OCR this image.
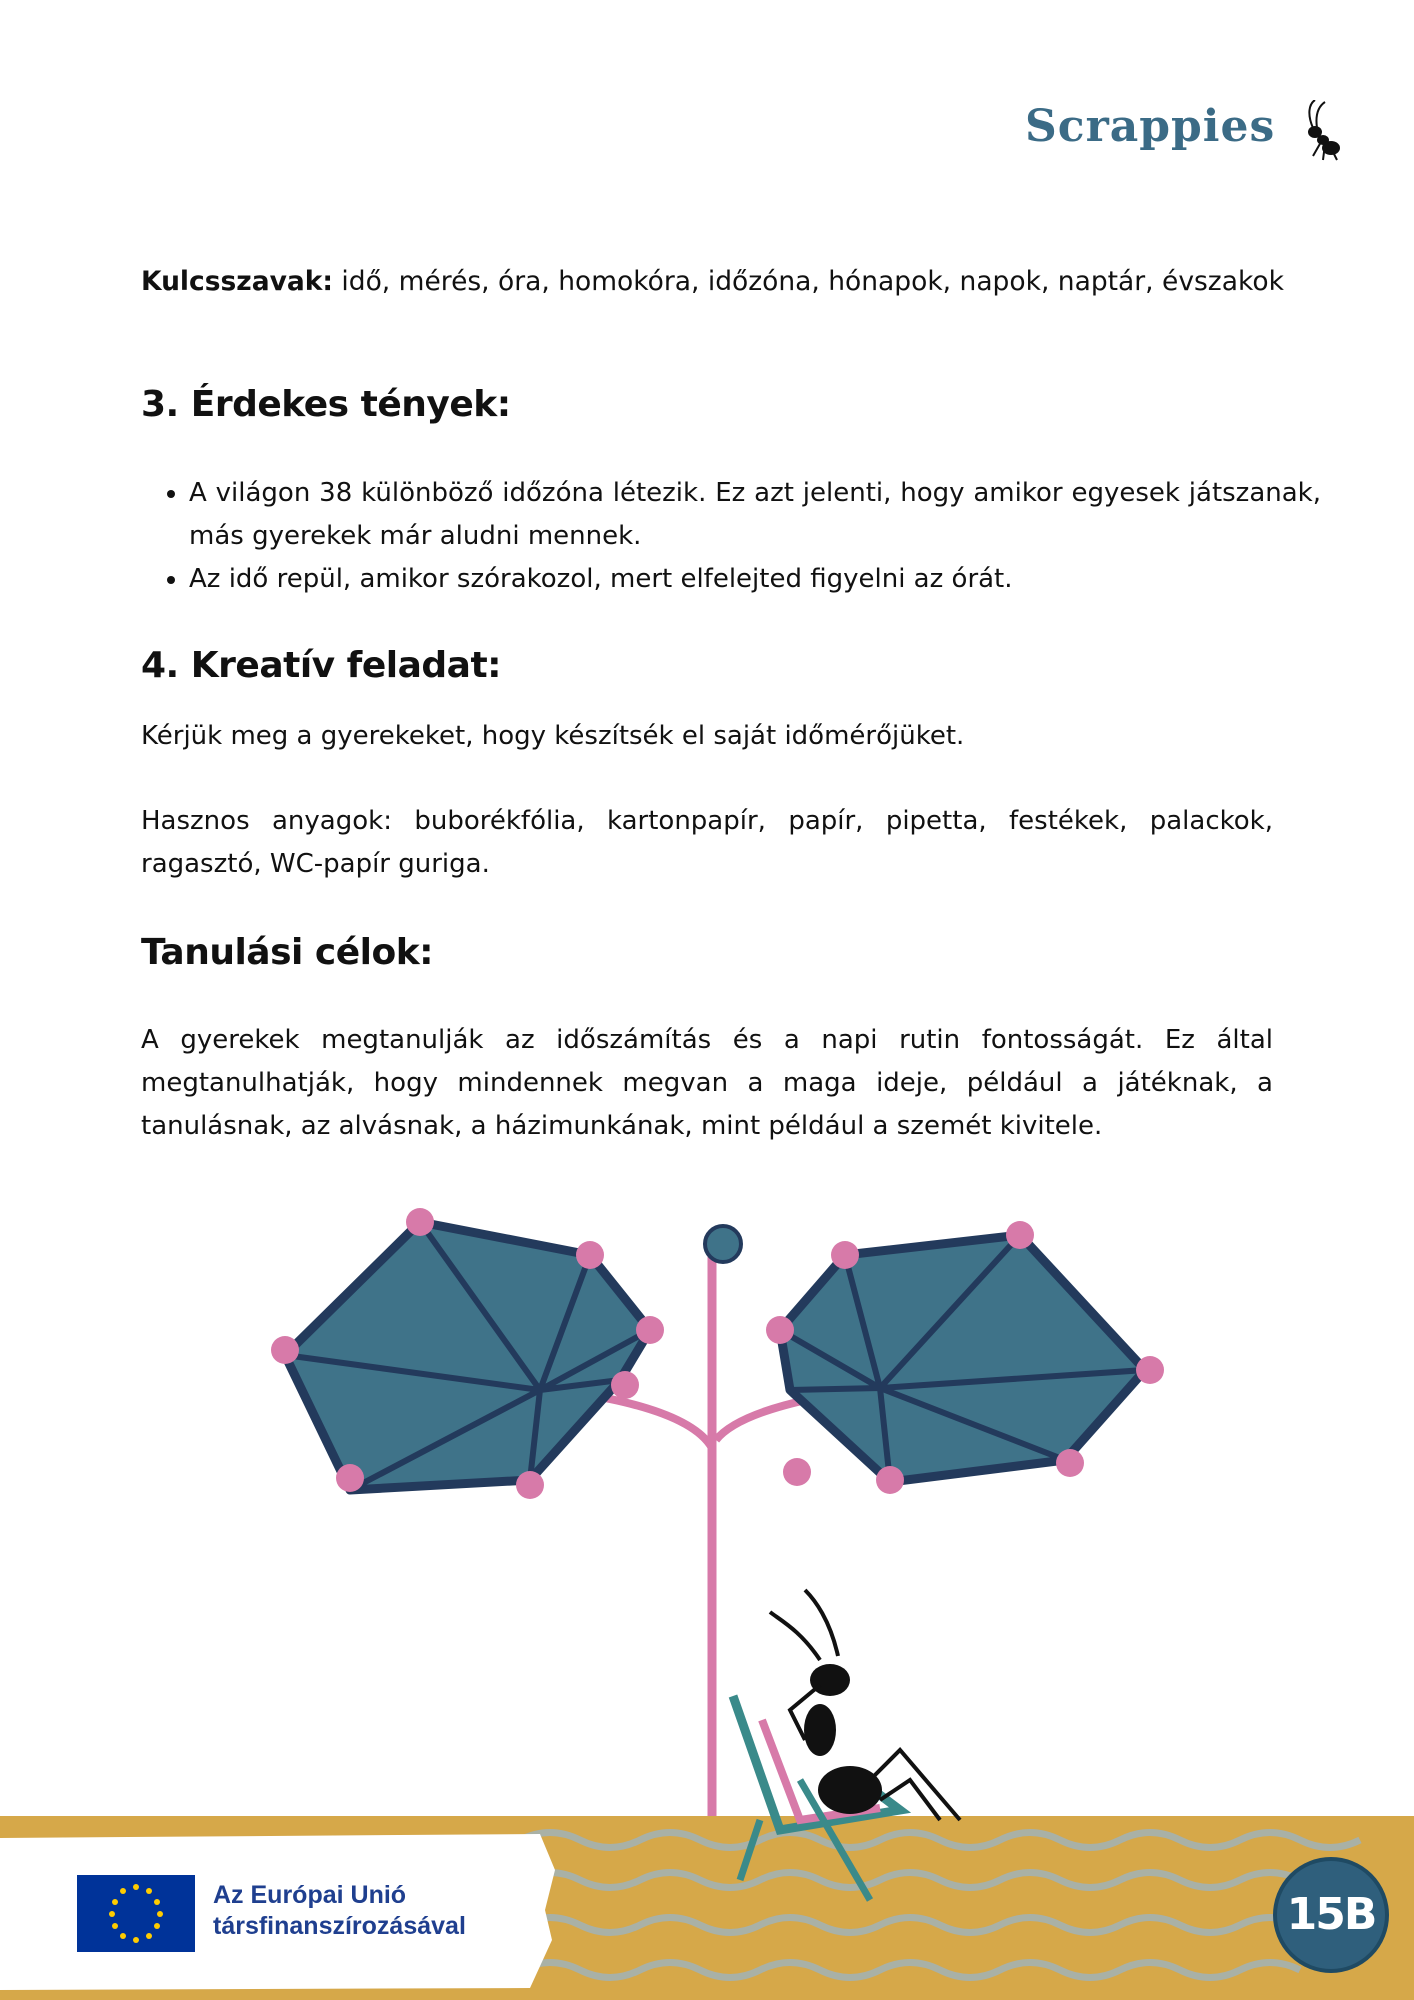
Scrappies
Kulcsszavak: idő, mérés, óra, homokóra, időzóna, hónapok, napok, naptár, évszakok
3. Érdekes tények:
• A világon 38 különböző időzóna létezik. Ez azt jelenti, hogy amikor egyesek játszanak, más gyerekek már aludni mennek.
• Az idő repül, amikor szórakozol, mert elfelejted figyelni az órát.
4. Kreatív feladat:

Kérjük meg a gyerekeket, hogy készítsék el saját időmérőjüket.

Hasznos anyagok: buborékfólia, kartonpapír, papír, pipetta, festékek, palackok, ragasztó, WC-papír guriga.

Tanulási célok:

A gyerekek megtanulják az időszámítás és a napi rutin fontosságát. Ez által megtanulhatják, hogy mindennek megvan a maga ideje, például a játéknak, a tanulásnak, az alvásnak, a házimunkának, mint például a szemét kivitele.

Az Európai Unió
társfinanszírozásával	15B
